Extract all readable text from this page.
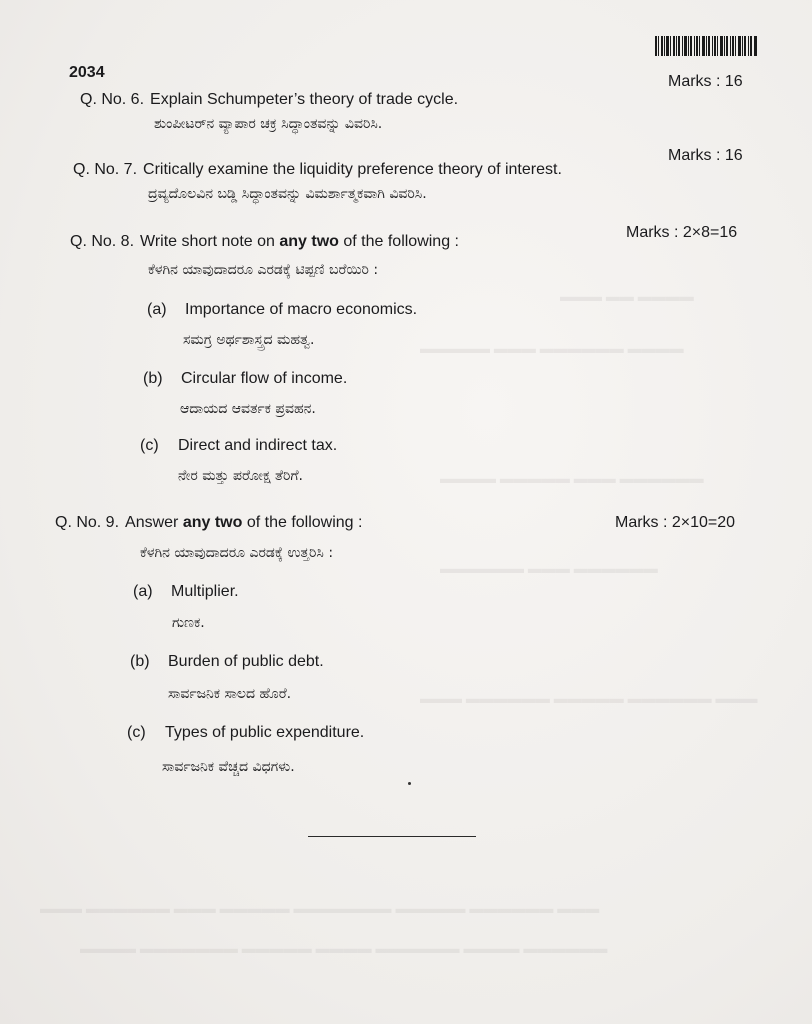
▬▬▬ ▬▬ ▬▬▬▬
▬▬▬▬▬ ▬▬▬ ▬▬▬▬▬▬ ▬▬▬▬
▬▬▬▬ ▬▬▬▬▬ ▬▬▬ ▬▬▬▬▬▬
▬▬▬▬▬▬ ▬▬▬ ▬▬▬▬▬▬
▬▬▬ ▬▬▬▬▬▬ ▬▬▬▬▬ ▬▬▬▬▬▬ ▬▬▬
▬▬▬ ▬▬▬▬▬▬ ▬▬▬ ▬▬▬▬▬ ▬▬▬▬▬▬▬ ▬▬▬▬▬ ▬▬▬▬▬▬ ▬▬▬
▬▬▬▬ ▬▬▬▬▬▬▬ ▬▬▬▬▬ ▬▬▬▬ ▬▬▬▬▬▬ ▬▬▬▬ ▬▬▬▬▬▬
2034
Q. No. 6. Explain Schumpeter’s theory of trade cycle.
Marks : 16
ಶುಂಪೀಟರ್‌ನ ವ್ಯಾಪಾರ ಚಕ್ರ ಸಿದ್ಧಾಂತವನ್ನು ವಿವರಿಸಿ.
Q. No. 7. Critically examine the liquidity preference theory of interest.
Marks : 16
ದ್ರವ್ಯದೊಲವಿನ ಬಡ್ಡಿ ಸಿದ್ಧಾಂತವನ್ನು ವಿಮರ್ಶಾತ್ಮಕವಾಗಿ ವಿವರಿಸಿ.
Q. No. 8. Write short note on any two of the following :
Marks : 2×8=16
ಕೆಳಗಿನ ಯಾವುದಾದರೂ ಎರಡಕ್ಕೆ ಟಿಪ್ಪಣಿ ಬರೆಯಿರಿ :
(a) Importance of macro economics.
ಸಮಗ್ರ ಅರ್ಥಶಾಸ್ತ್ರದ ಮಹತ್ವ.
(b) Circular flow of income.
ಆದಾಯದ ಆವರ್ತಕ ಪ್ರವಹನ.
(c) Direct and indirect tax.
ನೇರ ಮತ್ತು ಪರೋಕ್ಷ ತೆರಿಗೆ.
Q. No. 9. Answer any two of the following :	Marks : 2×10=20
ಕೆಳಗಿನ ಯಾವುದಾದರೂ ಎರಡಕ್ಕೆ ಉತ್ತರಿಸಿ :
(a) Multiplier.
ಗುಣಕ.
(b) Burden of public debt.
ಸಾರ್ವಜನಿಕ ಸಾಲದ ಹೊರೆ.
(c) Types of public expenditure.
ಸಾರ್ವಜನಿಕ ವೆಚ್ಚದ ವಿಧಗಳು.
